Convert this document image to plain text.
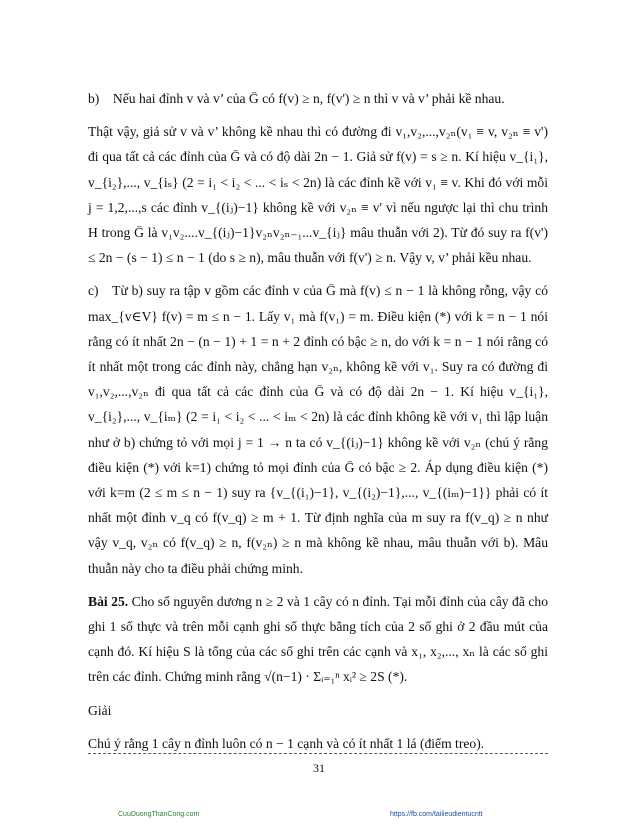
b) Nếu hai đỉnh v và v’ của Ḡ có f(v) ≥ n, f(v') ≥ n thì v và v’ phải kề nhau.

Thật vậy, giả sử v và v’ không kề nhau thì có đường đi v₁,v₂,...,v₂ₙ(v₁ ≡ v, v₂ₙ ≡ v') đi qua tất cả các đỉnh của Ḡ và có độ dài 2n − 1. Giả sử f(v) = s ≥ n. Kí hiệu v_{i₁}, v_{i₂},..., v_{iₛ} (2 = i₁ < i₂ < ... < iₛ < 2n) là các đỉnh kề với v₁ ≡ v. Khi đó với mỗi j = 1,2,...,s các đỉnh v_{(iⱼ)−1} không kề với v₂ₙ ≡ v' vì nếu ngược lại thì chu trình H trong Ḡ là v₁v₂....v_{(iⱼ)−1}v₂ₙv₂ₙ₋₁...v_{iⱼ} mâu thuẫn với 2). Từ đó suy ra f(v') ≤ 2n − (s − 1) ≤ n − 1 (do s ≥ n), mâu thuẫn với f(v') ≥ n. Vậy v, v’ phải kều nhau.

c) Từ b) suy ra tập v gồm các đỉnh v của Ḡ mà f(v) ≤ n − 1 là không rỗng, vậy có max_{v∈V} f(v) = m ≤ n − 1. Lấy v₁ mà f(v₁) = m. Điều kiện (*) với k = n − 1 nói rằng có ít nhất 2n − (n − 1) + 1 = n + 2 đỉnh có bậc ≥ n, do với k = n − 1 nói rằng có ít nhất một trong các đỉnh này, chẳng hạn v₂ₙ, không kề với v₁. Suy ra có đường đi v₁,v₂,...,v₂ₙ đi qua tất cả các đỉnh của Ḡ và có độ dài 2n − 1. Kí hiệu v_{i₁}, v_{i₂},..., v_{iₘ} (2 = i₁ < i₂ < ... < iₘ < 2n) là các đỉnh không kề với v₁ thì lập luận như ở b) chứng tỏ với mọi j = 1 → n ta có v_{(iⱼ)−1} không kề với v₂ₙ (chú ý rằng điều kiện (*) với k=1) chứng tỏ mọi đỉnh của Ḡ có bậc ≥ 2. Áp dụng điều kiện (*) với k=m (2 ≤ m ≤ n − 1) suy ra {v_{(i₁)−1}, v_{(i₂)−1},..., v_{(iₘ)−1}} phải có ít nhất một đỉnh v_q có f(v_q) ≥ m + 1. Từ định nghĩa của m suy ra f(v_q) ≥ n như vậy v_q, v₂ₙ có f(v_q) ≥ n, f(v₂ₙ) ≥ n mà không kề nhau, mâu thuẫn với b). Mâu thuẫn này cho ta điều phải chứng minh.

Bài 25. Cho số nguyên dương n ≥ 2 và 1 cây có n đỉnh. Tại mỗi đỉnh của cây đã cho ghi 1 số thực và trên mỗi cạnh ghi số thực bằng tích của 2 số ghi ở 2 đầu mút của cạnh đó. Kí hiệu S là tổng của các số ghi trên các cạnh và x₁, x₂,..., xₙ là các số ghi trên các đỉnh. Chứng minh rằng √(n−1) · Σᵢ₌₁ⁿ xᵢ² ≥ 2S (*).

Giải

Chú ý rằng 1 cây n đỉnh luôn có n − 1 cạnh và có ít nhất 1 lá (điểm treo).

31
CuuDuongThanCong.com	https://fb.com/tailieudientucntt
